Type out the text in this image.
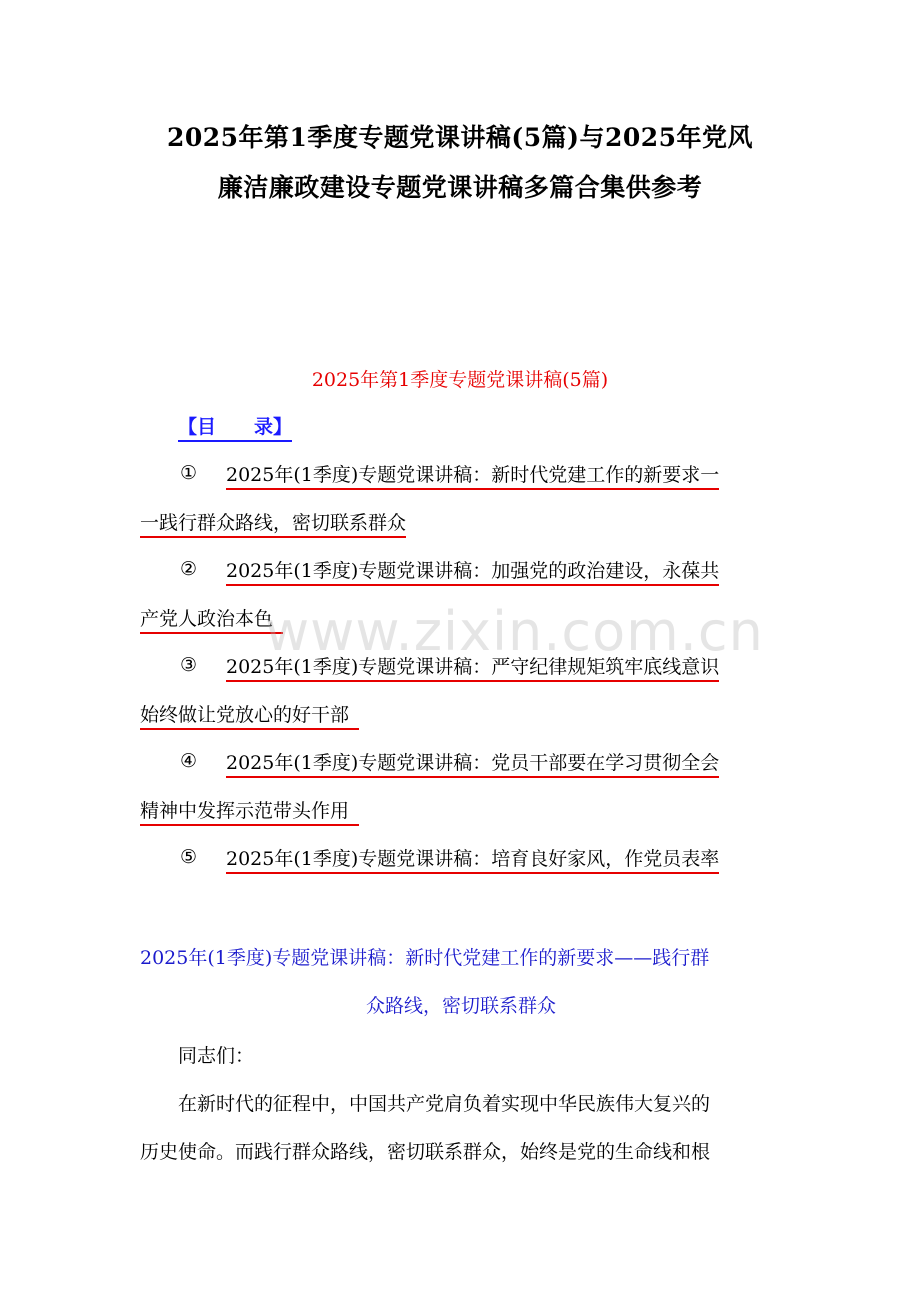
2025年第1季度专题党课讲稿(5篇)与2025年党风
廉洁廉政建设专题党课讲稿多篇合集供参考
2025年第1季度专题党课讲稿(5篇)
【目　　录】
① 2025年(1季度)专题党课讲稿：新时代党建工作的新要求一
一践行群众路线，密切联系群众
② 2025年(1季度)专题党课讲稿：加强党的政治建设，永葆共
产党人政治本色
③ 2025年(1季度)专题党课讲稿：严守纪律规矩筑牢底线意识
始终做让党放心的好干部
④ 2025年(1季度)专题党课讲稿：党员干部要在学习贯彻全会
精神中发挥示范带头作用
⑤ 2025年(1季度)专题党课讲稿：培育良好家风，作党员表率
2025年(1季度)专题党课讲稿：新时代党建工作的新要求——践行群
众路线，密切联系群众
同志们：
在新时代的征程中，中国共产党肩负着实现中华民族伟大复兴的
历史使命。而践行群众路线，密切联系群众，始终是党的生命线和根
www.zixin.com.cn
